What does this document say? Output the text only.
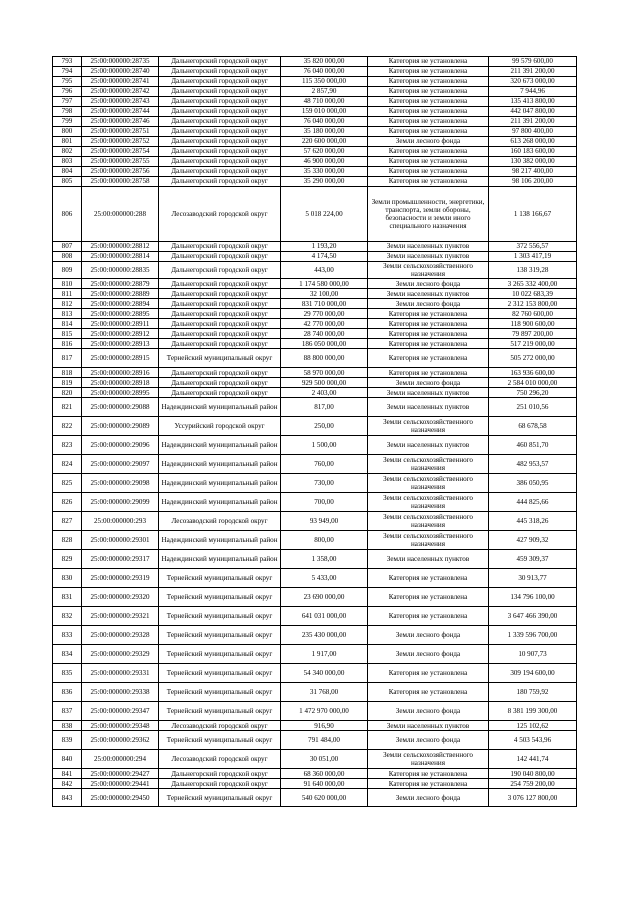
793	25:00:000000:28735	Дальнегорский городской округ	35 820 000,00	Категория не установлена	99 579 600,00
794	25:00:000000:28740	Дальнегорский городской округ	76 040 000,00	Категория не установлена	211 391 200,00
795	25:00:000000:28741	Дальнегорский городской округ	115 350 000,00	Категория не установлена	320 673 000,00
796	25:00:000000:28742	Дальнегорский городской округ	2 857,90	Категория не установлена	7 944,96
797	25:00:000000:28743	Дальнегорский городской округ	48 710 000,00	Категория не установлена	135 413 800,00
798	25:00:000000:28744	Дальнегорский городской округ	159 010 000,00	Категория не установлена	442 047 800,00
799	25:00:000000:28746	Дальнегорский городской округ	76 040 000,00	Категория не установлена	211 391 200,00
800	25:00:000000:28751	Дальнегорский городской округ	35 180 000,00	Категория не установлена	97 800 400,00
801	25:00:000000:28752	Дальнегорский городской округ	220 600 000,00	Земли лесного фонда	613 268 000,00
802	25:00:000000:28754	Дальнегорский городской округ	57 620 000,00	Категория не установлена	160 183 600,00
803	25:00:000000:28755	Дальнегорский городской округ	46 900 000,00	Категория не установлена	130 382 000,00
804	25:00:000000:28756	Дальнегорский городской округ	35 330 000,00	Категория не установлена	98 217 400,00
805	25:00:000000:28758	Дальнегорский городской округ	35 290 000,00	Категория не установлена	98 106 200,00
806	25:00:000000:288	Лесозаводский городской округ	5 018 224,00	Земли промышленности, энергетики, транспорта, земли обороны, безопасности и земли иного специального назначения	1 138 166,67
807	25:00:000000:28812	Дальнегорский городской округ	1 193,20	Земли населенных пунктов	372 556,57
808	25:00:000000:28814	Дальнегорский городской округ	4 174,50	Земли населенных пунктов	1 303 417,19
809	25:00:000000:28835	Дальнегорский городской округ	443,00	Земли сельскохозяйственного назначения	138 319,28
810	25:00:000000:28879	Дальнегорский городской округ	1 174 580 000,00	Земли лесного фонда	3 265 332 400,00
811	25:00:000000:28889	Дальнегорский городской округ	32 100,00	Земли населенных пунктов	10 022 683,39
812	25:00:000000:28894	Дальнегорский городской округ	831 710 000,00	Земли лесного фонда	2 312 153 800,00
813	25:00:000000:28895	Дальнегорский городской округ	29 770 000,00	Категория не установлена	82 760 600,00
814	25:00:000000:28911	Дальнегорский городской округ	42 770 000,00	Категория не установлена	118 900 600,00
815	25:00:000000:28912	Дальнегорский городской округ	28 740 000,00	Категория не установлена	79 897 200,00
816	25:00:000000:28913	Дальнегорский городской округ	186 050 000,00	Категория не установлена	517 219 000,00
817	25:00:000000:28915	Тернейский муниципальный округ	88 800 000,00	Категория не установлена	505 272 000,00
818	25:00:000000:28916	Дальнегорский городской округ	58 970 000,00	Категория не установлена	163 936 600,00
819	25:00:000000:28918	Дальнегорский городской округ	929 500 000,00	Земли лесного фонда	2 584 010 000,00
820	25:00:000000:28995	Дальнегорский городской округ	2 403,00	Земли населенных пунктов	750 296,20
821	25:00:000000:29088	Надеждинский муниципальный район	817,00	Земли населенных пунктов	251 010,56
822	25:00:000000:29089	Уссурийский городской округ	250,00	Земли сельскохозяйственного назначения	68 678,58
823	25:00:000000:29096	Надеждинский муниципальный район	1 500,00	Земли населенных пунктов	460 851,70
824	25:00:000000:29097	Надеждинский муниципальный район	760,00	Земли сельскохозяйственного назначения	482 953,57
825	25:00:000000:29098	Надеждинский муниципальный район	730,00	Земли сельскохозяйственного назначения	386 050,95
826	25:00:000000:29099	Надеждинский муниципальный район	700,00	Земли сельскохозяйственного назначения	444 825,66
827	25:00:000000:293	Лесозаводский городской округ	93 949,00	Земли сельскохозяйственного назначения	445 318,26
828	25:00:000000:29301	Надеждинский муниципальный район	800,00	Земли сельскохозяйственного назначения	427 909,32
829	25:00:000000:29317	Надеждинский муниципальный район	1 358,00	Земли населенных пунктов	459 309,37
830	25:00:000000:29319	Тернейский муниципальный округ	5 433,00	Категория не установлена	30 913,77
831	25:00:000000:29320	Тернейский муниципальный округ	23 690 000,00	Категория не установлена	134 796 100,00
832	25:00:000000:29321	Тернейский муниципальный округ	641 031 000,00	Категория не установлена	3 647 466 390,00
833	25:00:000000:29328	Тернейский муниципальный округ	235 430 000,00	Земли лесного фонда	1 339 596 700,00
834	25:00:000000:29329	Тернейский муниципальный округ	1 917,00	Земли лесного фонда	10 907,73
835	25:00:000000:29331	Тернейский муниципальный округ	54 340 000,00	Категория не установлена	309 194 600,00
836	25:00:000000:29338	Тернейский муниципальный округ	31 768,00	Категория не установлена	180 759,92
837	25:00:000000:29347	Тернейский муниципальный округ	1 472 970 000,00	Земли лесного фонда	8 381 199 300,00
838	25:00:000000:29348	Лесозаводский городской округ	916,90	Земли населенных пунктов	125 102,62
839	25:00:000000:29362	Тернейский муниципальный округ	791 484,00	Земли лесного фонда	4 503 543,96
840	25:00:000000:294	Лесозаводский городской округ	30 051,00	Земли сельскохозяйственного назначения	142 441,74
841	25:00:000000:29427	Дальнегорский городской округ	68 360 000,00	Категория не установлена	190 040 800,00
842	25:00:000000:29441	Дальнегорский городской округ	91 640 000,00	Категория не установлена	254 759 200,00
843	25:00:000000:29450	Тернейский муниципальный округ	540 620 000,00	Земли лесного фонда	3 076 127 800,00
